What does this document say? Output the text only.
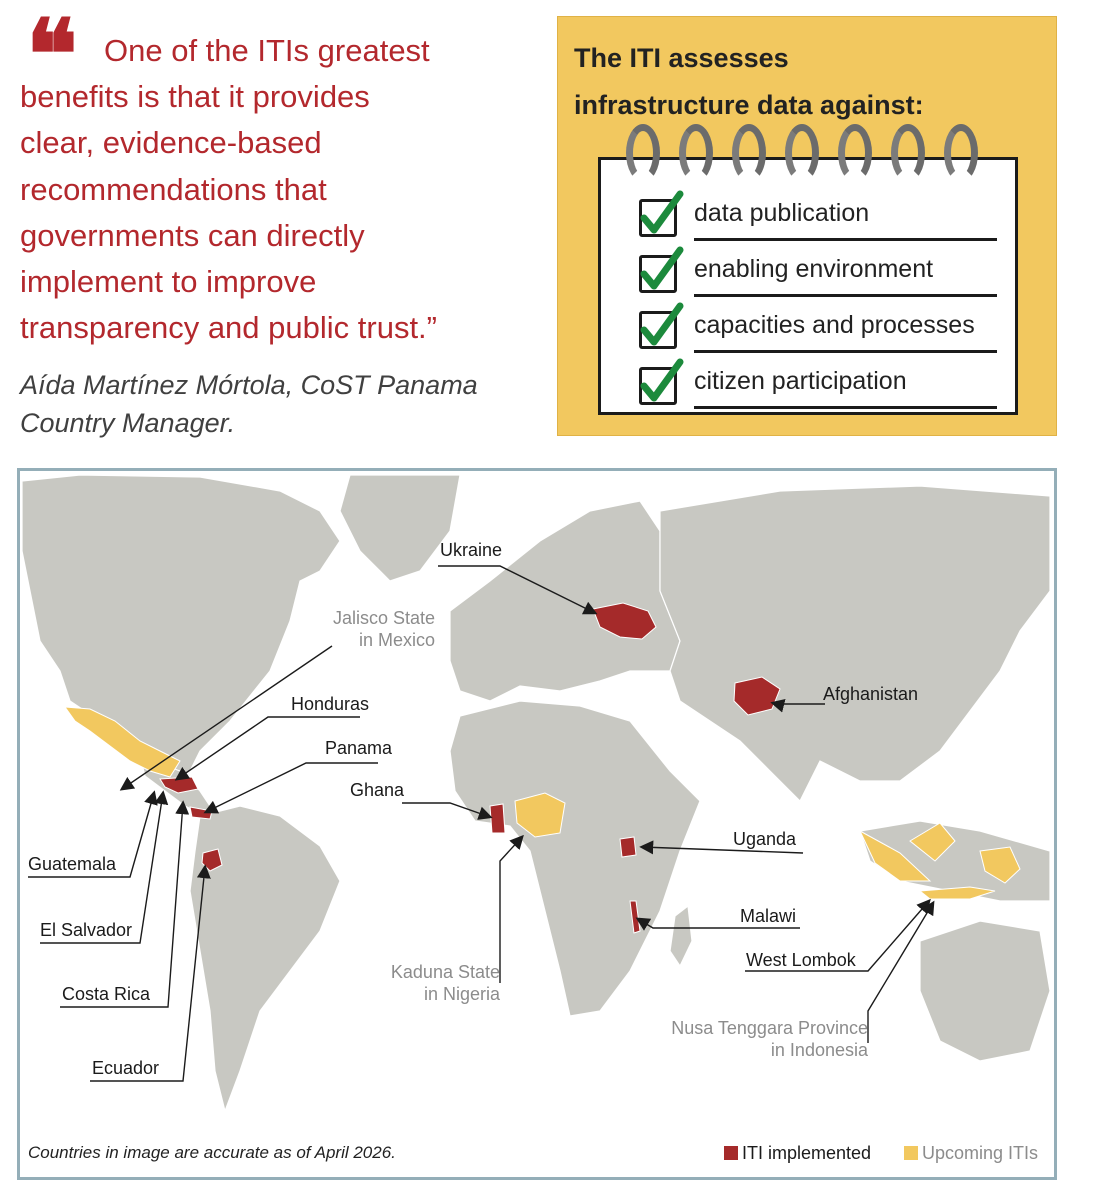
❝ One of the ITIs greatest
benefits is that it provides
clear, evidence-based
recommendations that
governments can directly
implement to improve
transparency and public trust.”
Aída Martínez Mórtola, CoST Panama
Country Manager.
The ITI assesses
infrastructure data against:
data publication
enabling environment
capacities and processes
citizen participation
Ukraine
Jalisco State
in Mexico
Honduras
Panama
Afghanistan
Ghana
Uganda
Guatemala
El Salvador
Costa Rica
Ecuador
Malawi
West Lombok
Kaduna State
in Nigeria
Nusa Tenggara Province
in Indonesia
Countries in image are accurate as of April 2026.	ITI implemented	Upcoming ITIs
